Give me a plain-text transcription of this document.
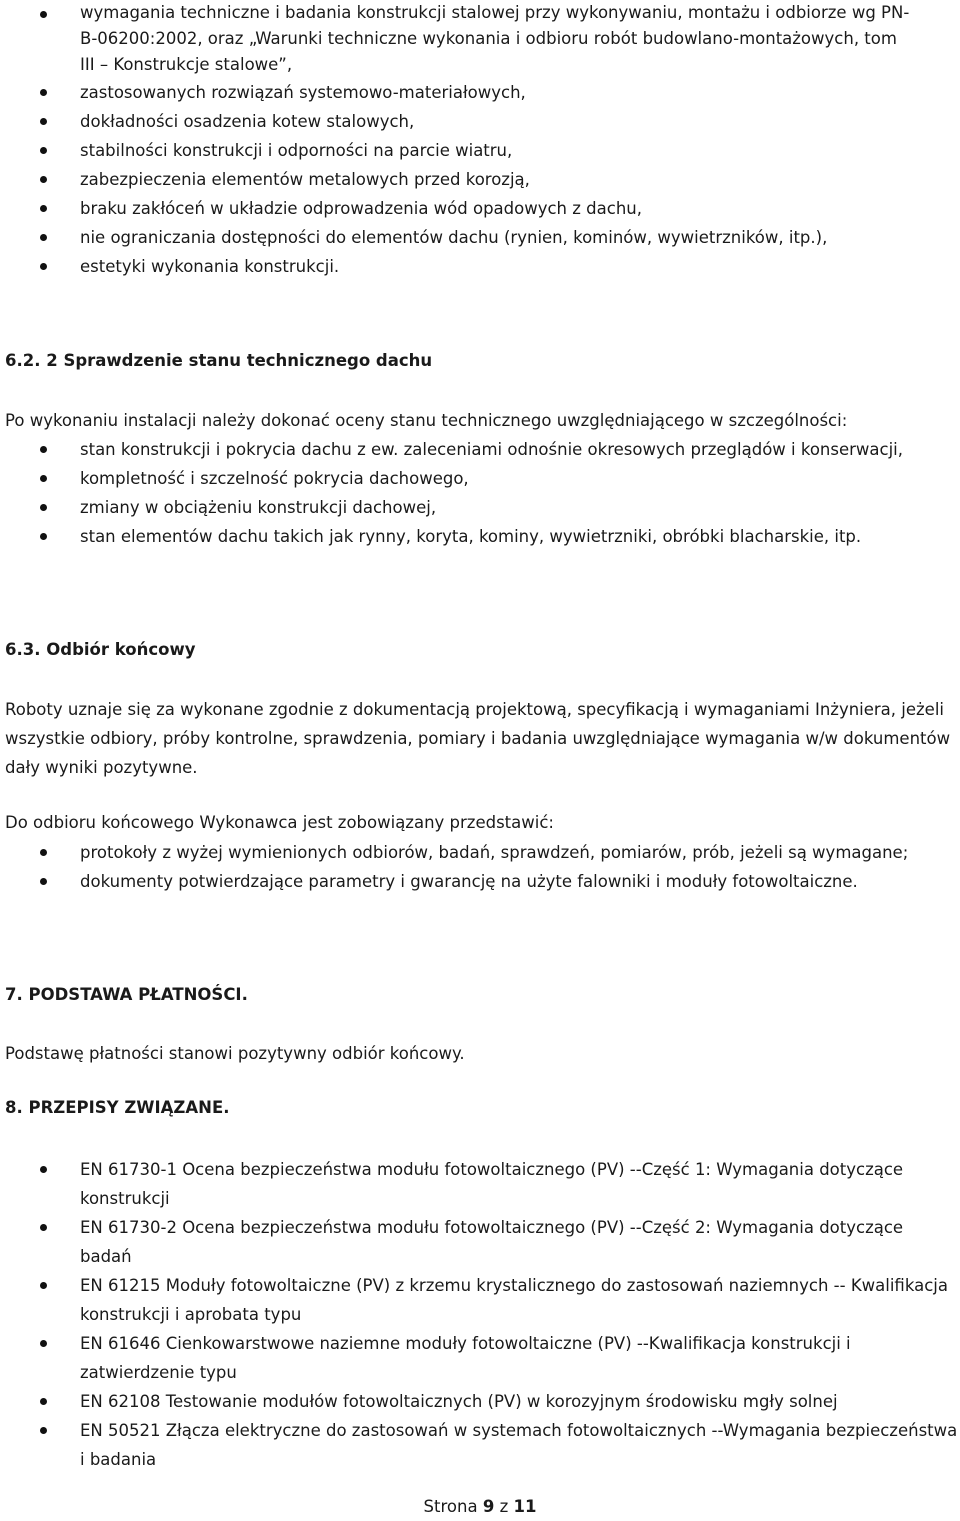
wymagania techniczne i badania konstrukcji stalowej przy wykonywaniu, montażu i odbiorze wg PN-B-06200:2002, oraz „Warunki techniczne wykonania i odbioru robót budowlano-montażowych, tom III – Konstrukcje stalowe”,
zastosowanych rozwiązań systemowo-materiałowych,
dokładności osadzenia kotew stalowych,
stabilności konstrukcji i odporności na parcie wiatru,
zabezpieczenia elementów metalowych przed korozją,
braku zakłóceń w układzie odprowadzenia wód opadowych z dachu,
nie ograniczania dostępności do elementów dachu (rynien, kominów, wywietrzników, itp.),
estetyki wykonania konstrukcji.
6.2. 2 Sprawdzenie stanu technicznego dachu

Po wykonaniu instalacji należy dokonać oceny stanu technicznego uwzględniającego w szczególności:

stan konstrukcji i pokrycia dachu z ew. zaleceniami odnośnie okresowych przeglądów i konserwacji,
kompletność i szczelność pokrycia dachowego,
zmiany w obciążeniu konstrukcji dachowej,
stan elementów dachu takich jak rynny, koryta, kominy, wywietrzniki, obróbki blacharskie, itp.
6.3. Odbiór końcowy

Roboty uznaje się za wykonane zgodnie z dokumentacją projektową, specyfikacją i wymaganiami Inżyniera, jeżeli wszystkie odbiory, próby kontrolne, sprawdzenia, pomiary i badania uwzględniające wymagania w/w dokumentów dały wyniki pozytywne.

Do odbioru końcowego Wykonawca jest zobowiązany przedstawić:

protokoły z wyżej wymienionych odbiorów, badań, sprawdzeń, pomiarów, prób, jeżeli są wymagane;
dokumenty potwierdzające parametry i gwarancję na użyte falowniki i moduły fotowoltaiczne.
7. PODSTAWA PŁATNOŚCI.

Podstawę płatności stanowi pozytywny odbiór końcowy.

8. PRZEPISY ZWIĄZANE.
EN 61730-1 Ocena bezpieczeństwa modułu fotowoltaicznego (PV) --Część 1: Wymagania dotyczące konstrukcji
EN 61730-2 Ocena bezpieczeństwa modułu fotowoltaicznego (PV) --Część 2: Wymagania dotyczące badań
EN 61215 Moduły fotowoltaiczne (PV) z krzemu krystalicznego do zastosowań naziemnych -- Kwalifikacja konstrukcji i aprobata typu
EN 61646 Cienkowarstwowe naziemne moduły fotowoltaiczne (PV) --Kwalifikacja konstrukcji i zatwierdzenie typu
EN 62108 Testowanie modułów fotowoltaicznych (PV) w korozyjnym środowisku mgły solnej
EN 50521 Złącza elektryczne do zastosowań w systemach fotowoltaicznych --Wymagania bezpieczeństwa i badania
Strona 9 z 11
